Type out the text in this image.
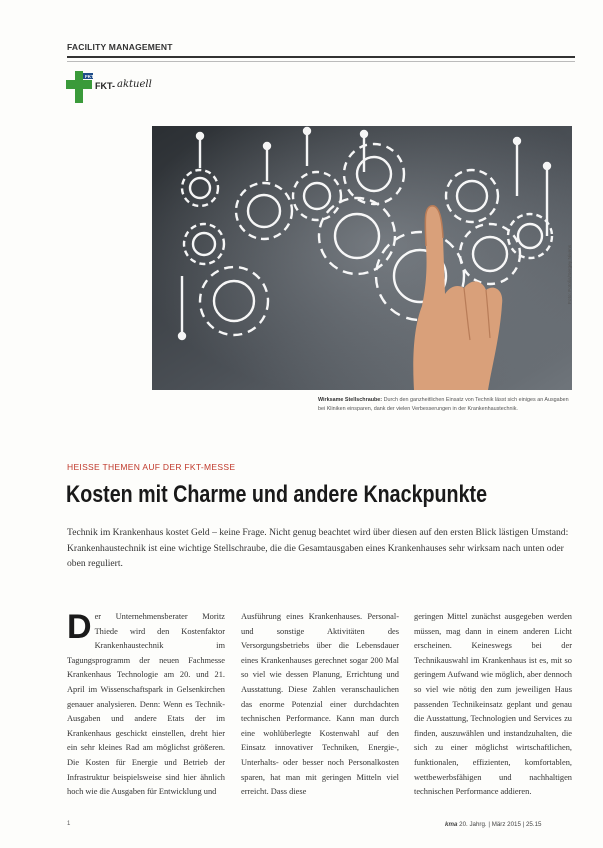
FACILITY MANAGEMENT
FKT
FKT- aktuell
Foto: Fotolia/Sergey Nivens
Wirksame Stellschraube: Durch den ganzheitlichen Einsatz von Technik lässt sich einiges an Ausgaben bei Kliniken einsparen, dank der vielen Verbesserungen in der Krankenhaustechnik.
HEISSE THEMEN AUF DER FKT-MESSE
Kosten mit Charme und andere Knackpunkte
Technik im Krankenhaus kostet Geld – keine Frage. Nicht genug beachtet wird über diesen auf den ersten Blick lästigen Umstand: Krankenhaustechnik ist eine wichtige Stellschraube, die die Gesamtausgaben eines Krankenhauses sehr wirksam nach unten oder oben reguliert.
D er Unternehmensberater Moritz Thiede wird den Kostenfaktor Krankenhaustechnik im Tagungsprogramm der neuen Fachmesse Krankenhaus Technologie am 20. und 21. April im Wissenschaftspark in Gelsenkirchen genauer analysieren. Denn: Wenn es Technik-Ausgaben und andere Etats der im Krankenhaus geschickt einstellen, dreht hier ein sehr kleines Rad am möglichst größeren. Die Kosten für Energie und Betrieb der Infrastruktur beispielsweise sind hier ähnlich hoch wie die Ausgaben für Entwicklung und
Ausführung eines Krankenhauses. Personal- und sonstige Aktivitäten des Versorgungsbetriebs über die Lebensdauer eines Krankenhauses gerechnet sogar 200 Mal so viel wie dessen Planung, Errichtung und Ausstattung. Diese Zahlen veranschaulichen das enorme Potenzial einer durchdachten technischen Performance. Kann man durch eine wohlüberlegte Kostenwahl auf den Einsatz innovativer Techniken, Energie-, Unterhalts- oder besser noch Personalkosten sparen, hat man mit geringen Mitteln viel erreicht. Dass diese
geringen Mittel zunächst ausgegeben werden müssen, mag dann in einem anderen Licht erscheinen. Keineswegs bei der Technikauswahl im Krankenhaus ist es, mit so geringem Aufwand wie möglich, aber dennoch so viel wie nötig den zum jeweiligen Haus passenden Technikeinsatz geplant und genau die Ausstattung, Technologien und Services zu finden, auszuwählen und instandzuhalten, die sich zu einer möglichst wirtschaftlichen, funktionalen, effizienten, komfortablen, wettbewerbsfähigen und nachhaltigen technischen Performance addieren.
1	kma 20. Jahrg. | März 2015 | 25.15
